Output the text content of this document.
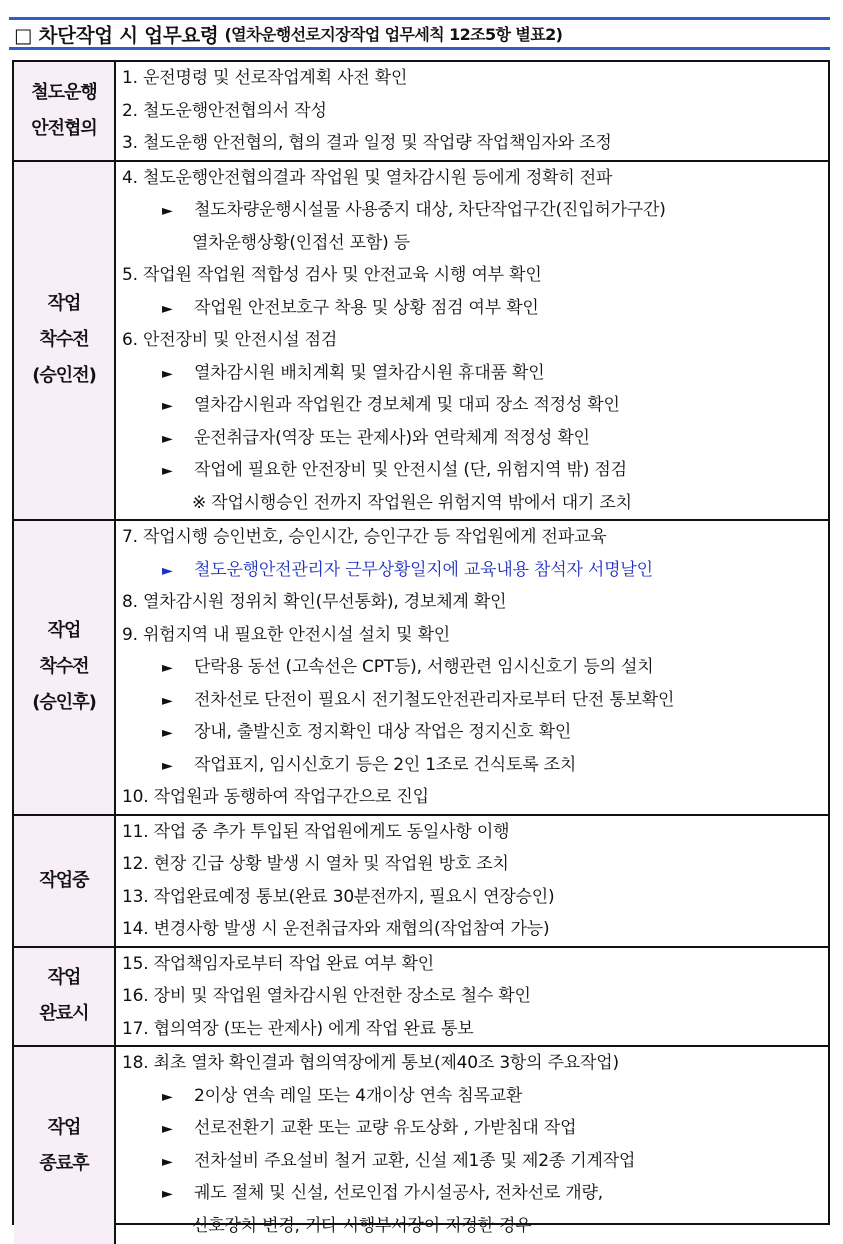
□ 차단작업 시 업무요령 (열차운행선로지장작업 업무세칙 12조5항 별표2)
철도운행
안전협의
1. 운전명령 및 선로작업계획 사전 확인
2. 철도운행안전협의서 작성
3. 철도운행 안전협의, 협의 결과 일정 및 작업량 작업책임자와 조정
작업
착수전
(승인전)
4. 철도운행안전협의결과 작업원 및 열차감시원 등에게 정확히 전파
► 철도차량운행시설물 사용중지 대상, 차단작업구간(진입허가구간)
열차운행상황(인접선 포함) 등
5. 작업원 작업원 적합성 검사 및 안전교육 시행 여부 확인
► 작업원 안전보호구 착용 및 상황 점검 여부 확인
6. 안전장비 및 안전시설 점검
► 열차감시원 배치계획 및 열차감시원 휴대품 확인
► 열차감시원과 작업원간 경보체계 및 대피 장소 적정성 확인
► 운전취급자(역장 또는 관제사)와 연락체계 적정성 확인
► 작업에 필요한 안전장비 및 안전시설 (단, 위험지역 밖) 점검
※ 작업시행승인 전까지 작업원은 위험지역 밖에서 대기 조치
작업
착수전
(승인후)
7. 작업시행 승인번호, 승인시간, 승인구간 등 작업원에게 전파교육
► 철도운행안전관리자 근무상황일지에 교육내용 참석자 서명날인
8. 열차감시원 정위치 확인(무선통화), 경보체계 확인
9. 위험지역 내 필요한 안전시설 설치 및 확인
► 단락용 동선 (고속선은 CPT등), 서행관련 임시신호기 등의 설치
► 전차선로 단전이 필요시 전기철도안전관리자로부터 단전 통보확인
► 장내, 출발신호 정지확인 대상 작업은 정지신호 확인
► 작업표지, 임시신호기 등은 2인 1조로 건식토록 조치
10. 작업원과 동행하여 작업구간으로 진입
작업중
11. 작업 중 추가 투입된 작업원에게도 동일사항 이행
12. 현장 긴급 상황 발생 시 열차 및 작업원 방호 조치
13. 작업완료예정 통보(완료 30분전까지, 필요시 연장승인)
14. 변경사항 발생 시 운전취급자와 재협의(작업참여 가능)
작업
완료시
15. 작업책임자로부터 작업 완료 여부 확인
16. 장비 및 작업원 열차감시원 안전한 장소로 철수 확인
17. 협의역장 (또는 관제사) 에게 작업 완료 통보
작업
종료후
18. 최초 열차 확인결과 협의역장에게 통보(제40조 3항의 주요작업)
► 2이상 연속 레일 또는 4개이상 연속 침목교환
► 선로전환기 교환 또는 교량 유도상화 , 가받침대 작업
► 전차설비 주요설비 철거 교환, 신설 제1종 및 제2종 기계작업
► 궤도 절체 및 신설, 선로인접 가시설공사, 전차선로 개량,
신호장치 변경, 기타 시행부서장이 지정한 경우
